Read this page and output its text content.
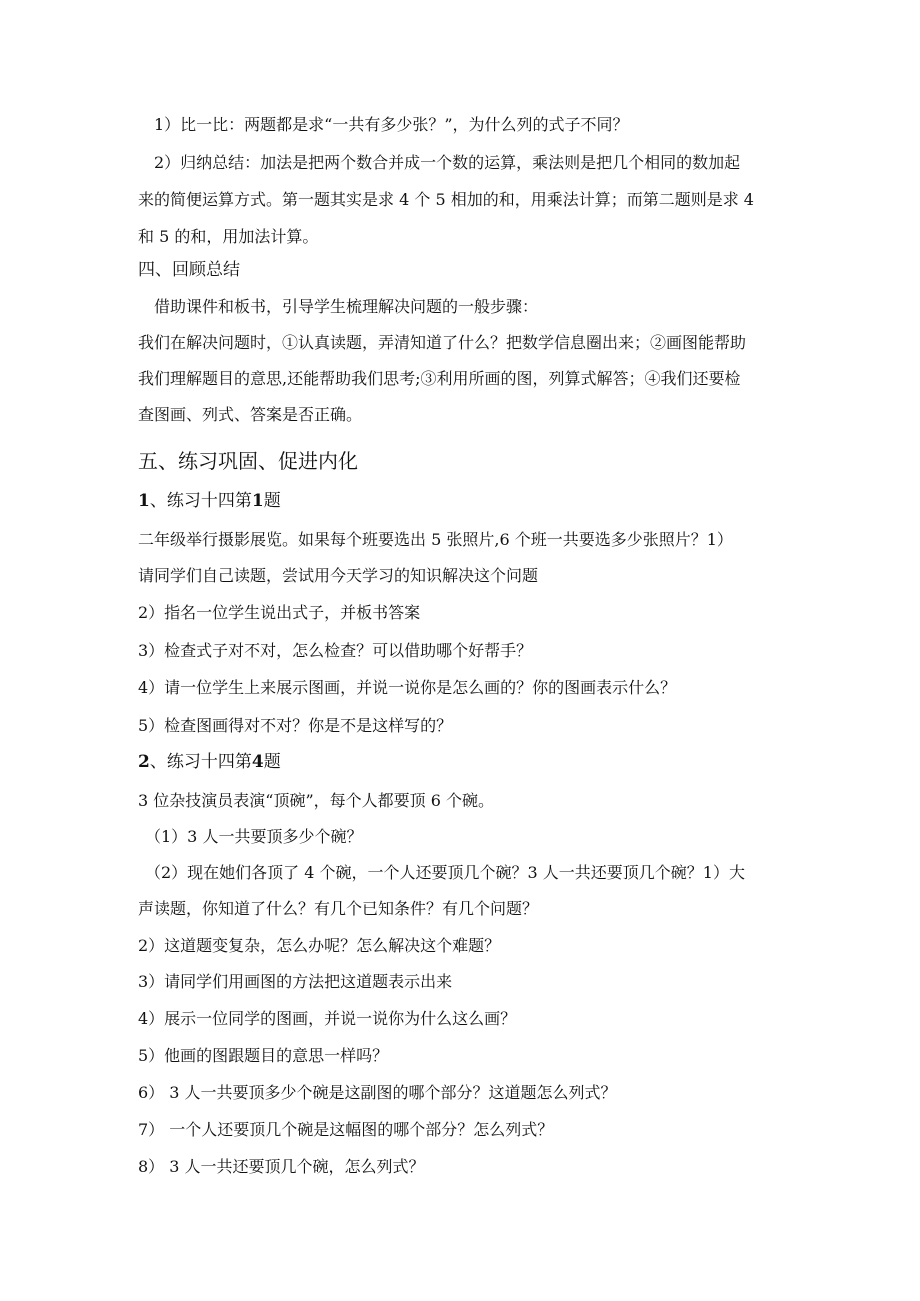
1）比一比：两题都是求“一共有多少张？”，为什么列的式子不同？
2）归纳总结：加法是把两个数合并成一个数的运算，乘法则是把几个相同的数加起
来的简便运算方式。第一题其实是求 4 个 5 相加的和，用乘法计算；而第二题则是求 4
和 5 的和，用加法计算。
四、回顾总结
借助课件和板书，引导学生梳理解决问题的一般步骤：
我们在解决问题时，①认真读题，弄清知道了什么？把数学信息圈出来；②画图能帮助
我们理解题目的意思,还能帮助我们思考;③利用所画的图，列算式解答；④我们还要检
查图画、列式、答案是否正确。
五、练习巩固、促进内化
1、练习十四第1题
二年级举行摄影展览。如果每个班要选出 5 张照片,6 个班一共要选多少张照片？1）
请同学们自己读题，尝试用今天学习的知识解决这个问题
2）指名一位学生说出式子，并板书答案
3）检查式子对不对，怎么检查？可以借助哪个好帮手？
4）请一位学生上来展示图画，并说一说你是怎么画的？你的图画表示什么？
5）检查图画得对不对？你是不是这样写的？
2、练习十四第4题
3 位杂技演员表演“顶碗”，每个人都要顶 6 个碗。
（1）3 人一共要顶多少个碗？
（2）现在她们各顶了 4 个碗，一个人还要顶几个碗？3 人一共还要顶几个碗？1）大
声读题，你知道了什么？有几个已知条件？有几个问题？
2）这道题变复杂，怎么办呢？怎么解决这个难题？
3）请同学们用画图的方法把这道题表示出来
4）展示一位同学的图画，并说一说你为什么这么画？
5）他画的图跟题目的意思一样吗？
6） 3 人一共要顶多少个碗是这副图的哪个部分？这道题怎么列式？
7） 一个人还要顶几个碗是这幅图的哪个部分？怎么列式？
8） 3 人一共还要顶几个碗，怎么列式？
